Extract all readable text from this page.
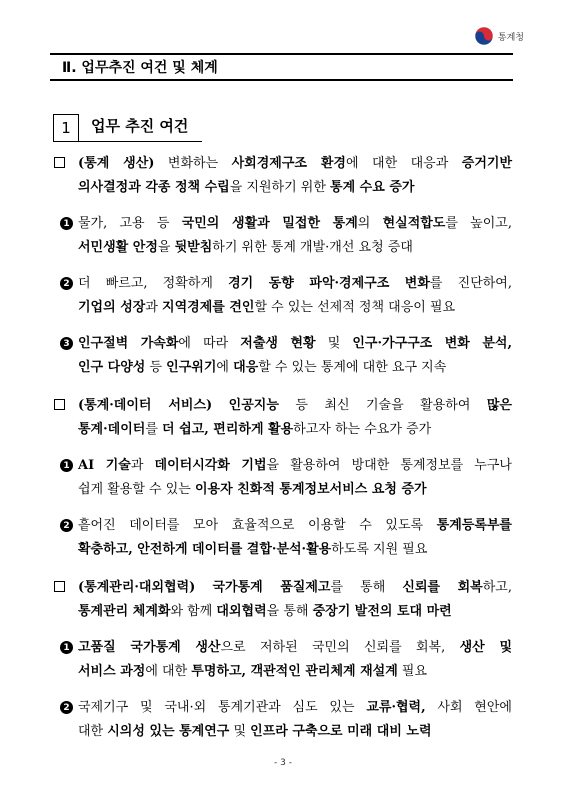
통계청
Ⅱ. 업무추진 여건 및 체계
1	업무 추진 여건
(통계 생산) 변화하는 사회경제구조 환경에 대한 대응과 증거기반
의사결정과 각종 정책 수립을 지원하기 위한 통계 수요 증가
1 물가, 고용 등 국민의 생활과 밀접한 통계의 현실적합도를 높이고,
서민생활 안정을 뒷받침하기 위한 통계 개발·개선 요청 증대
2 더 빠르고, 정확하게 경기 동향 파악·경제구조 변화를 진단하여,
기업의 성장과 지역경제를 견인할 수 있는 선제적 정책 대응이 필요
3 인구절벽 가속화에 따라 저출생 현황 및 인구·가구구조 변화 분석,
인구 다양성 등 인구위기에 대응할 수 있는 통계에 대한 요구 지속
(통계·데이터 서비스) 인공지능 등 최신 기술을 활용하여 많은
통계·데이터를 더 쉽고, 편리하게 활용하고자 하는 수요가 증가
1 AI 기술과 데이터시각화 기법을 활용하여 방대한 통계정보를 누구나
쉽게 활용할 수 있는 이용자 친화적 통계정보서비스 요청 증가
2 흩어진 데이터를 모아 효율적으로 이용할 수 있도록 통계등록부를
확충하고, 안전하게 데이터를 결합·분석·활용하도록 지원 필요
(통계관리·대외협력) 국가통계 품질제고를 통해 신뢰를 회복하고,
통계관리 체계화와 함께 대외협력을 통해 중장기 발전의 토대 마련
1 고품질 국가통계 생산으로 저하된 국민의 신뢰를 회복, 생산 및
서비스 과정에 대한 투명하고, 객관적인 관리체계 재설계 필요
2 국제기구 및 국내·외 통계기관과 심도 있는 교류·협력, 사회 현안에
대한 시의성 있는 통계연구 및 인프라 구축으로 미래 대비 노력
- 3 -
